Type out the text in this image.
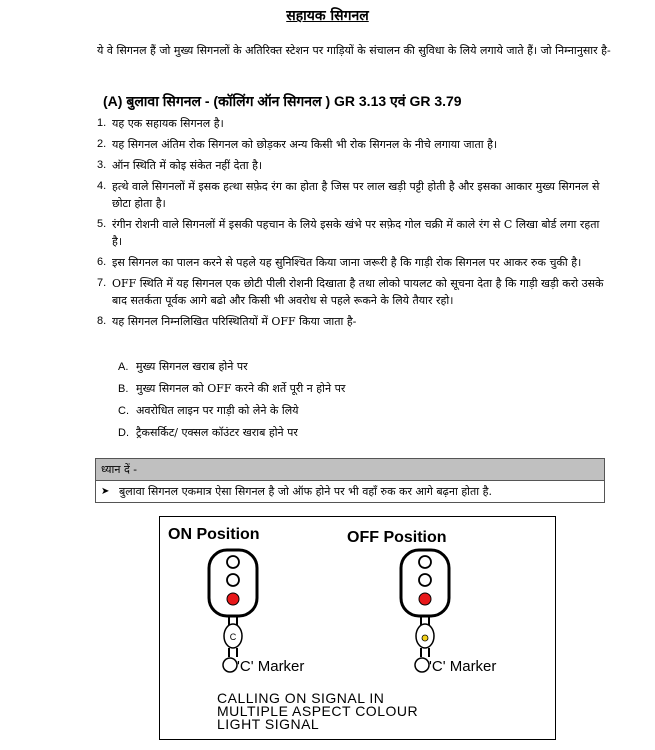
सहायक सिगनल
ये वे सिगनल हैं जो मुख्य सिगनलों के अतिरिक्त स्टेशन पर गाड़ियों के संचालन की सुविधा के लिये लगाये जाते हैं। जो निम्नानुसार है-
(A) बुलावा सिगनल - (कॉलिंग ऑन सिगनल ) GR 3.13 एवं GR 3.79
1. यह एक सहायक सिगनल है।
2. यह सिगनल अंतिम रोक सिगनल को छोड़कर अन्य किसी भी रोक सिगनल के नीचे लगाया जाता है।
3. ऑन स्थिति में कोइ संकेत नहीं देता है।
4. हत्थे वाले सिगनलों में इसक हत्था सफ़ेद रंग का होता है जिस पर लाल खड़ी पट्टी होती है और इसका आकार मुख्य सिगनल से छोटा होता है।
5. रंगीन रोशनी वाले सिगनलों में इसकी पहचान के लिये इसके खंभे पर सफ़ेद गोल चक्री में काले रंग से C लिखा बोर्ड लगा रहता है।
6. इस सिगनल का पालन करने से पहले यह सुनिश्चित किया जाना जरूरी है कि गाड़ी रोक सिगनल पर आकर रुक चुकी है।
7. OFF स्थिति में यह सिगनल एक छोटी पीली रोशनी दिखाता है तथा लोको पायलट को सूचना देता है कि गाड़ी खड़ी करो उसके बाद सतर्कता पूर्वक आगे बढो और किसी भी अवरोध से पहले रूकने के लिये तैयार रहो।
8. यह सिगनल निम्नलिखित परिस्थितियों में OFF किया जाता है-
A. मुख्य सिगनल खराब होने पर
B. मुख्य सिगनल को OFF करने की शर्ते पूरी न होने पर
C. अवरोधित लाइन पर गाड़ी को लेने के लिये
D. ट्रैकसर्किट/ एक्सल कॉउंटर खराब होने पर
ध्यान दें -
➤ बुलावा सिगनल एकमात्र ऐसा सिगनल है जो ऑफ होने पर भी वहाँ रुक कर आगे बढ़ना होता है.
ON Position	OFF Position
C
'C' Marker	'C' Marker
CALLING ON SIGNAL IN
MULTIPLE ASPECT COLOUR
LIGHT SIGNAL
